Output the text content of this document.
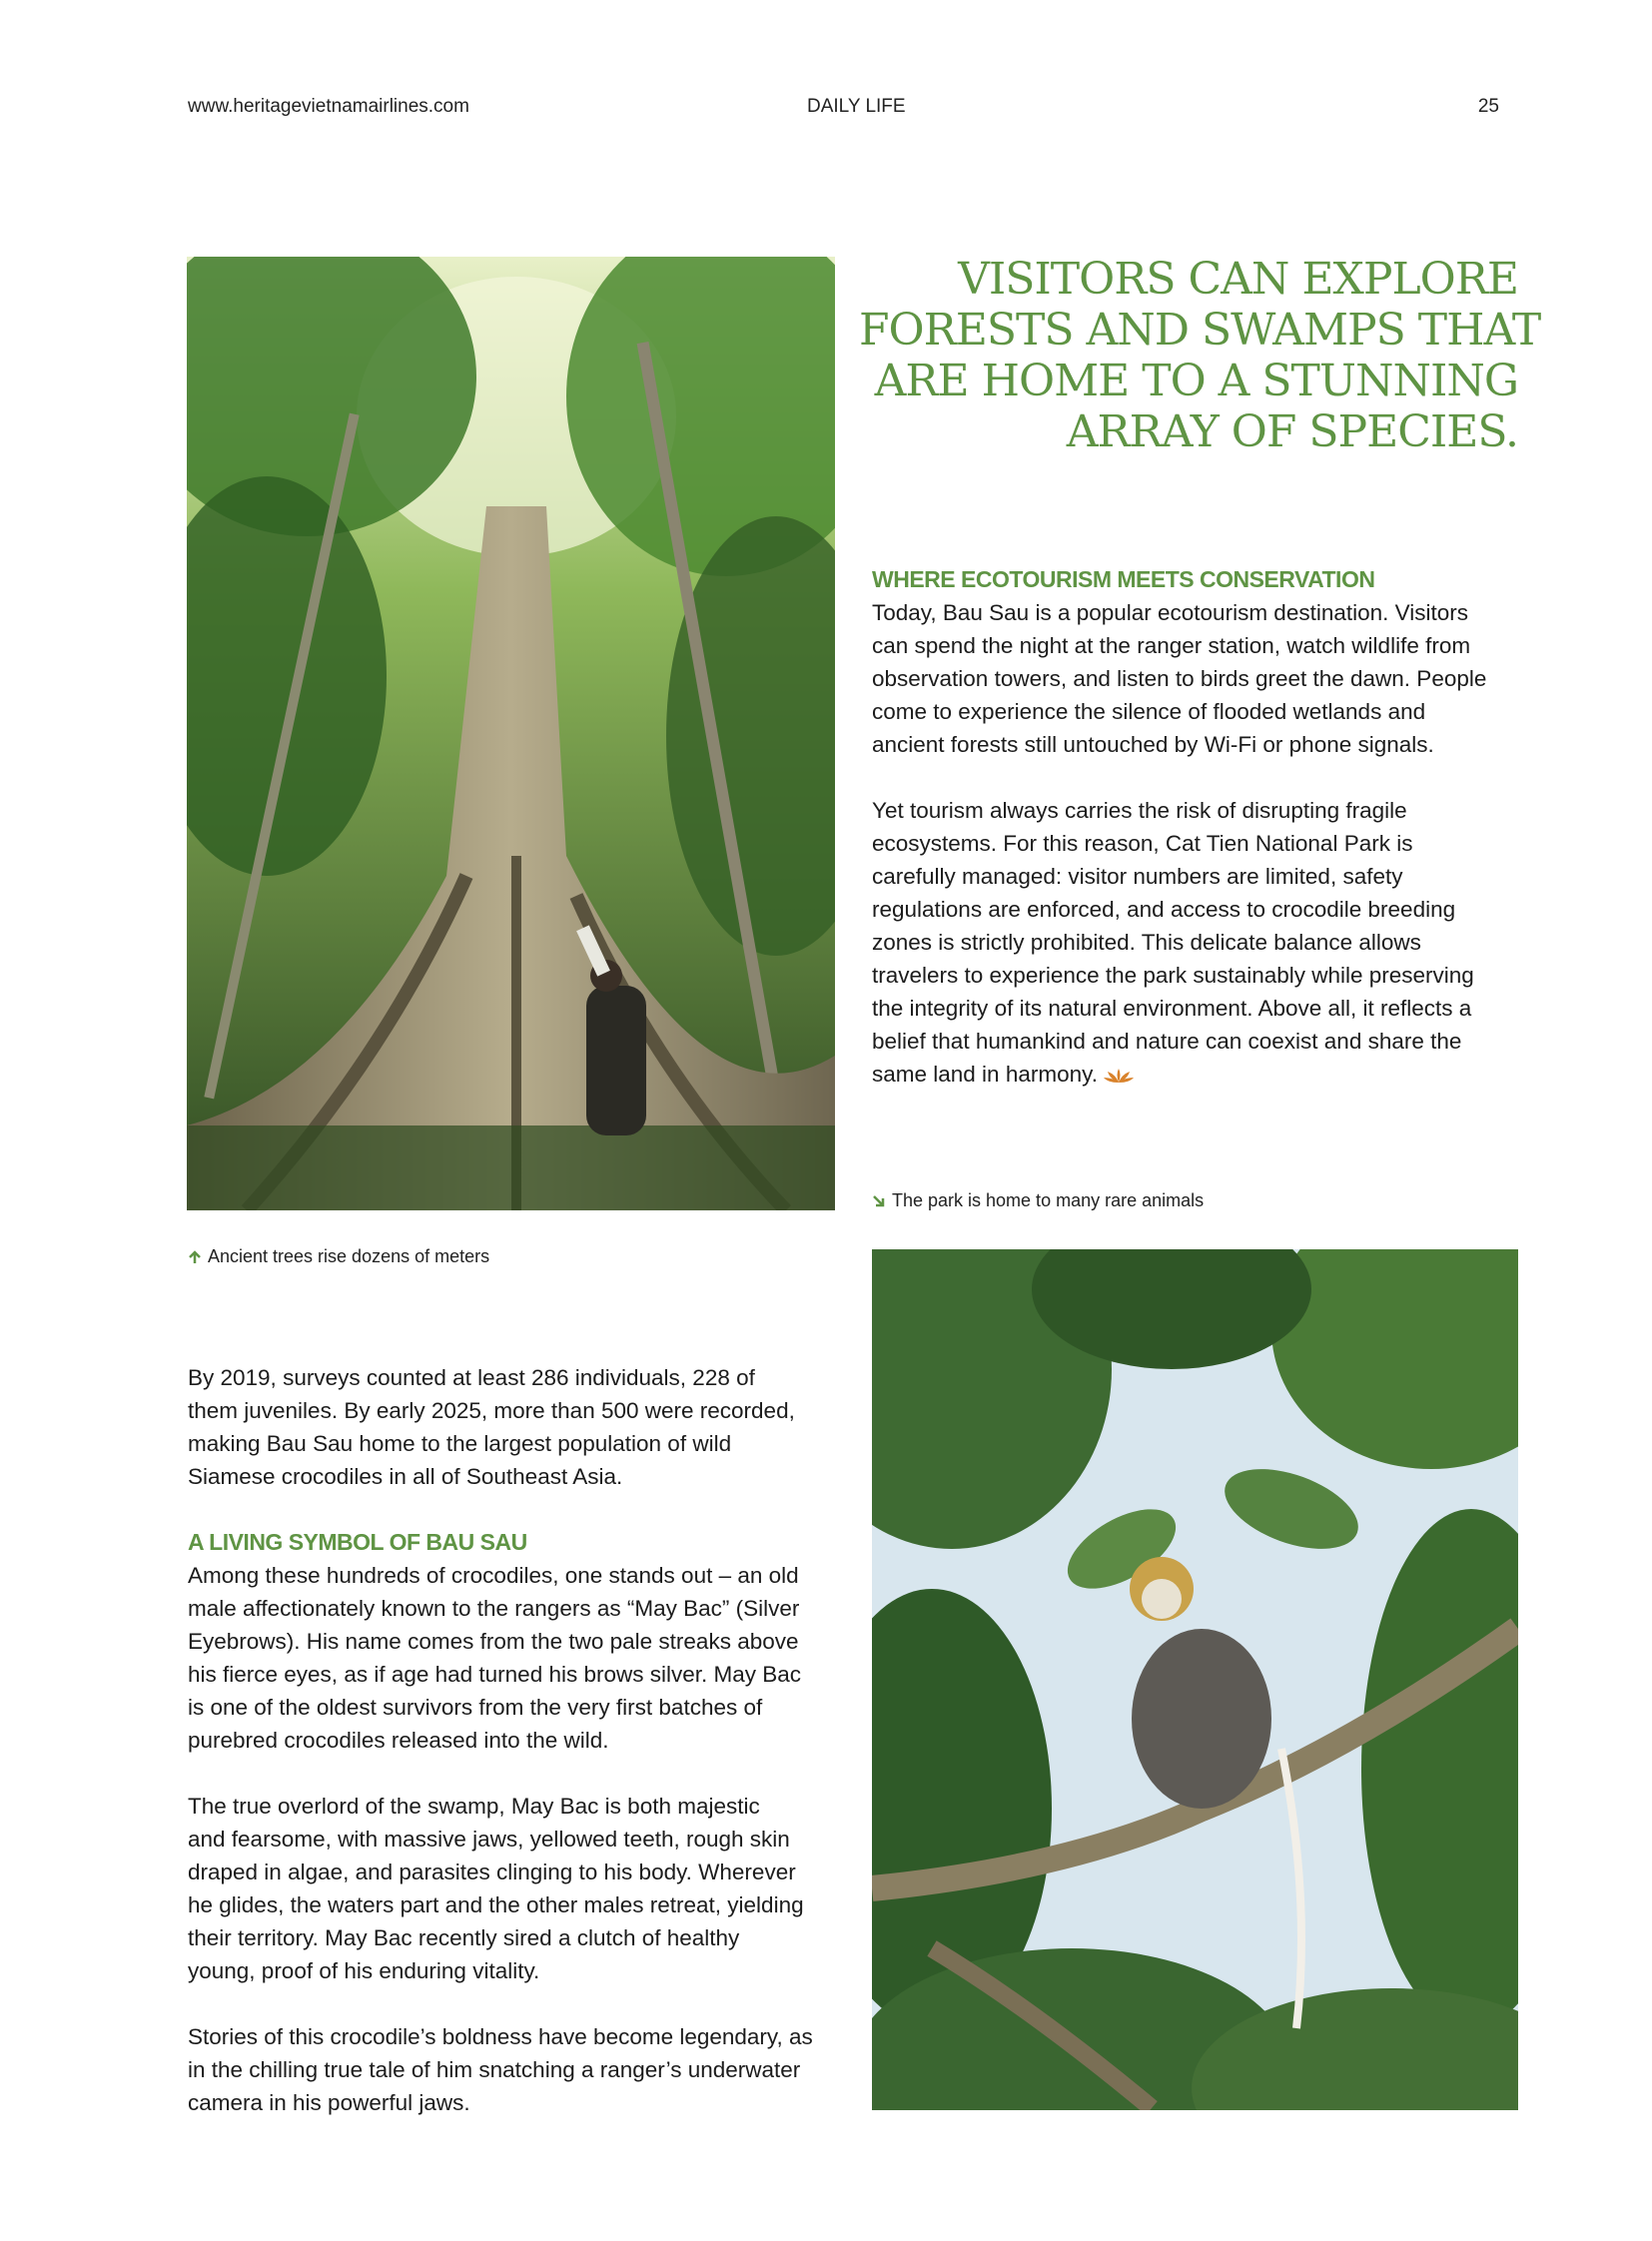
www.heritagevietnamairlines.com	DAILY LIFE	25
VISITORS CAN EXPLORE
FORESTS AND SWAMPS THAT
ARE HOME TO A STUNNING
ARRAY OF SPECIES.
WHERE ECOTOURISM MEETS CONSERVATION

Today, Bau Sau is a popular ecotourism destination. Visitors
can spend the night at the ranger station, watch wildlife from
observation towers, and listen to birds greet the dawn. People
come to experience the silence of flooded wetlands and
ancient forests still untouched by Wi-Fi or phone signals.

Yet tourism always carries the risk of disrupting fragile
ecosystems. For this reason, Cat Tien National Park is
carefully managed: visitor numbers are limited, safety
regulations are enforced, and access to crocodile breeding
zones is strictly prohibited. This delicate balance allows
travelers to experience the park sustainably while preserving
the integrity of its natural environment. Above all, it reflects a
belief that humankind and nature can coexist and share the
same land in harmony.

The park is home to many rare animals
Ancient trees rise dozens of meters

By 2019, surveys counted at least 286 individuals, 228 of
them juveniles. By early 2025, more than 500 were recorded,
making Bau Sau home to the largest population of wild
Siamese crocodiles in all of Southeast Asia.

A LIVING SYMBOL OF BAU SAU

Among these hundreds of crocodiles, one stands out – an old
male affectionately known to the rangers as “May Bac” (Silver
Eyebrows). His name comes from the two pale streaks above
his fierce eyes, as if age had turned his brows silver. May Bac
is one of the oldest survivors from the very first batches of
purebred crocodiles released into the wild.

The true overlord of the swamp, May Bac is both majestic
and fearsome, with massive jaws, yellowed teeth, rough skin
draped in algae, and parasites clinging to his body. Wherever
he glides, the waters part and the other males retreat, yielding
their territory. May Bac recently sired a clutch of healthy
young, proof of his enduring vitality.

Stories of this crocodile’s boldness have become legendary, as
in the chilling true tale of him snatching a ranger’s underwater
camera in his powerful jaws.
